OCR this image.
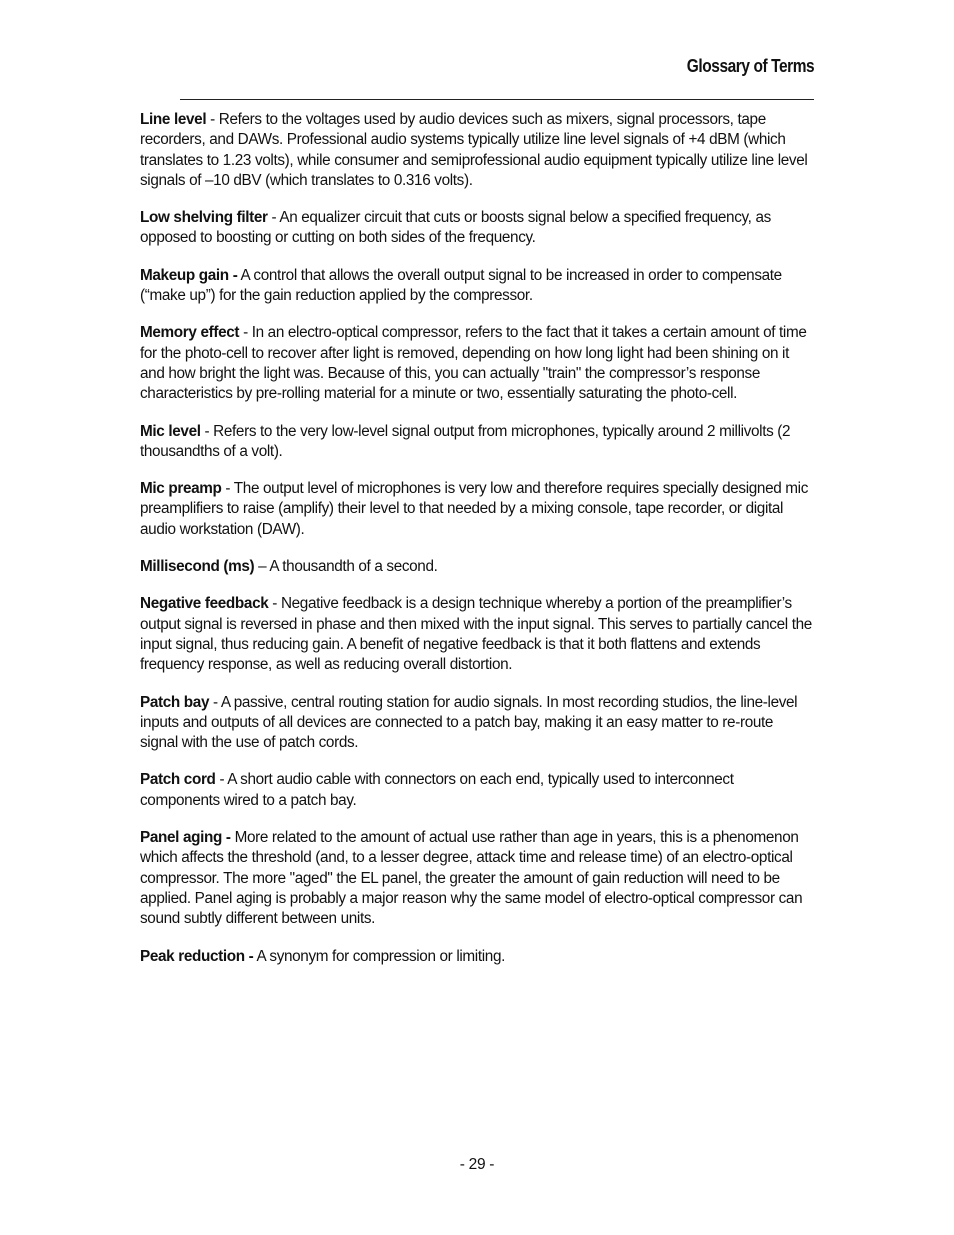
Glossary of Terms

Line level - Refers to the voltages used by audio devices such as mixers, signal processors, tape recorders, and DAWs. Professional audio systems typically utilize line level signals of +4 dBM (which translates to 1.23 volts), while consumer and semiprofessional audio equipment typically utilize line level signals of –10 dBV (which translates to 0.316 volts).

Low shelving filter - An equalizer circuit that cuts or boosts signal below a specified frequency, as opposed to boosting or cutting on both sides of the frequency.

Makeup gain - A control that allows the overall output signal to be increased in order to compensate (“make up”) for the gain reduction applied by the compressor.

Memory effect - In an electro-optical compressor, refers to the fact that it takes a certain amount of time for the photo-cell to recover after light is removed, depending on how long light had been shining on it and how bright the light was. Because of this, you can actually "train" the compressor’s response characteristics by pre-rolling material for a minute or two, essentially saturating the photo-cell.

Mic level - Refers to the very low-level signal output from microphones, typically around 2 millivolts (2 thousandths of a volt).

Mic preamp - The output level of microphones is very low and therefore requires specially designed mic preamplifiers to raise (amplify) their level to that needed by a mixing console, tape recorder, or digital audio workstation (DAW).

Millisecond (ms) – A thousandth of a second.

Negative feedback - Negative feedback is a design technique whereby a portion of the preamplifier’s output signal is reversed in phase and then mixed with the input signal. This serves to partially cancel the input signal, thus reducing gain. A benefit of negative feedback is that it both flattens and extends frequency response, as well as reducing overall distortion.

Patch bay - A passive, central routing station for audio signals. In most recording studios, the line-level inputs and outputs of all devices are connected to a patch bay, making it an easy matter to re-route signal with the use of patch cords.

Patch cord - A short audio cable with connectors on each end, typically used to interconnect components wired to a patch bay.

Panel aging - More related to the amount of actual use rather than age in years, this is a phenomenon which affects the threshold (and, to a lesser degree, attack time and release time) of an electro-optical compressor. The more "aged" the EL panel, the greater the amount of gain reduction will need to be applied. Panel aging is probably a major reason why the same model of electro-optical compressor can sound subtly different between units.

Peak reduction - A synonym for compression or limiting.

- 29 -
